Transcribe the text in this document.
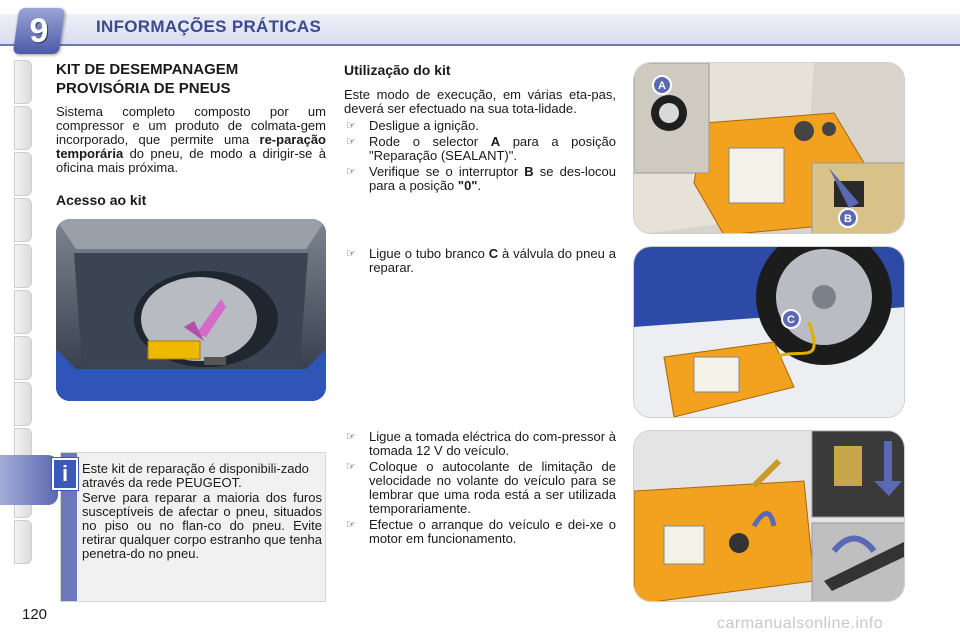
9	INFORMAÇÕES PRÁTICAS
KIT DE DESEMPANAGEM
PROVISÓRIA DE PNEUS
Sistema completo composto por um compressor e um produto de colmata-gem incorporado, que permite uma re-paração temporária do pneu, de modo a dirigir-se à oficina mais próxima.
Acesso ao kit
i	Este kit de reparação é disponibili-zado através da rede PEUGEOT.
Serve para reparar a maioria dos furos susceptíveis de afectar o pneu, situados no piso ou no flan-co do pneu. Evite retirar qualquer corpo estranho que tenha penetra-do no pneu.
Utilização do kit
Este modo de execução, em várias eta-pas, deverá ser efectuado na sua tota-lidade.
☞ Desligue a ignição.
☞ Rode o selector A para a posição "Reparação (SEALANT)".
☞ Verifique se o interruptor B se des-locou para a posição "0".
☞ Ligue o tubo branco C à válvula do pneu a reparar.
☞ Ligue a tomada eléctrica do com-pressor à tomada 12 V do veículo.
☞ Coloque o autocolante de limitação de velocidade no volante do veículo para se lembrar que uma roda está a ser utilizada temporariamente.
☞ Efectue o arranque do veículo e dei-xe o motor em funcionamento.
A
B
C
120
carmanualsonline.info
